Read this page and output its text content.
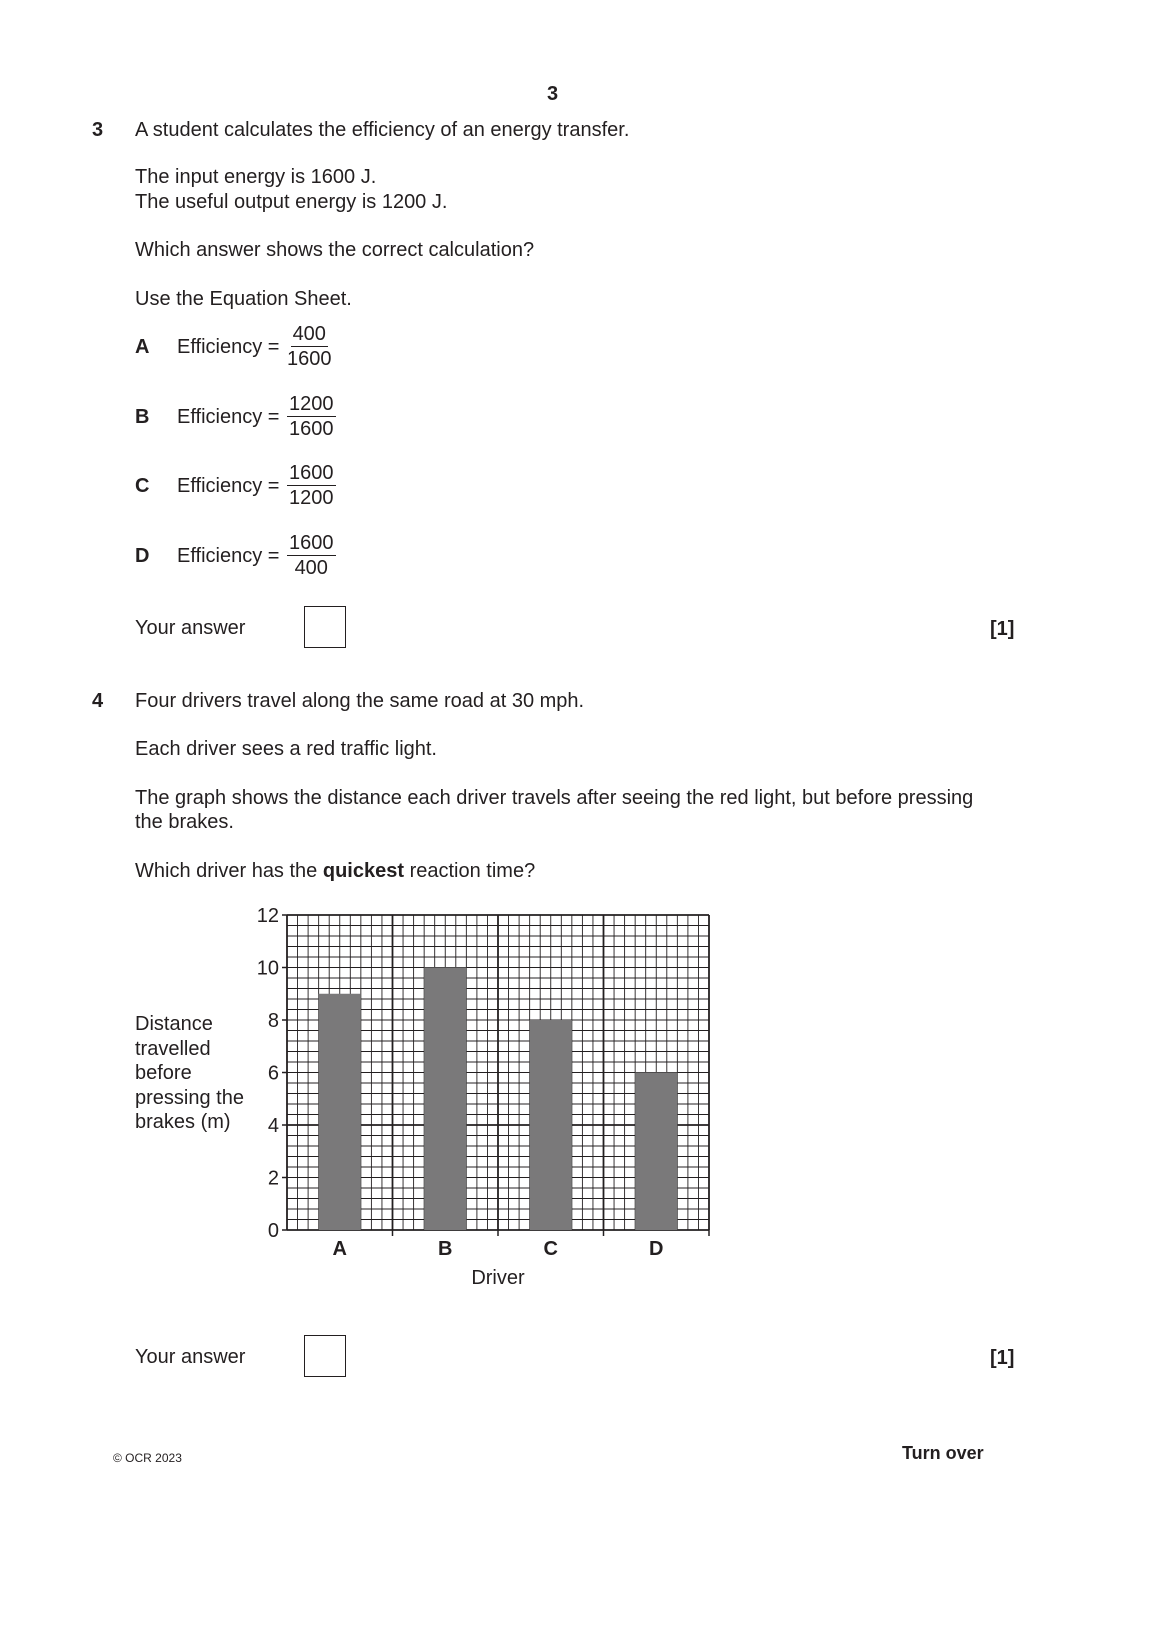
3
3 A student calculates the efficiency of an energy transfer.
The input energy is 1600 J.
The useful output energy is 1200 J.
Which answer shows the correct calculation?
Use the Equation Sheet.
A Efficiency = $\frac{400}{1600}$
B Efficiency = $\frac{1200}{1600}$
C Efficiency = $\frac{1600}{1200}$
D Efficiency = $\frac{1600}{400}$
Your answer	[1]
4 Four drivers travel along the same road at 30 mph.
Each driver sees a red traffic light.
The graph shows the distance each driver travels after seeing the red light, but before pressing
the brakes.
Which driver has the quickest reaction time?
Distance
travelled
before
pressing the
brakes (m)
A	B	C	D
0
2
4
6
8
10
12
Driver
Your answer	[1]
© OCR 2023	Turn over
